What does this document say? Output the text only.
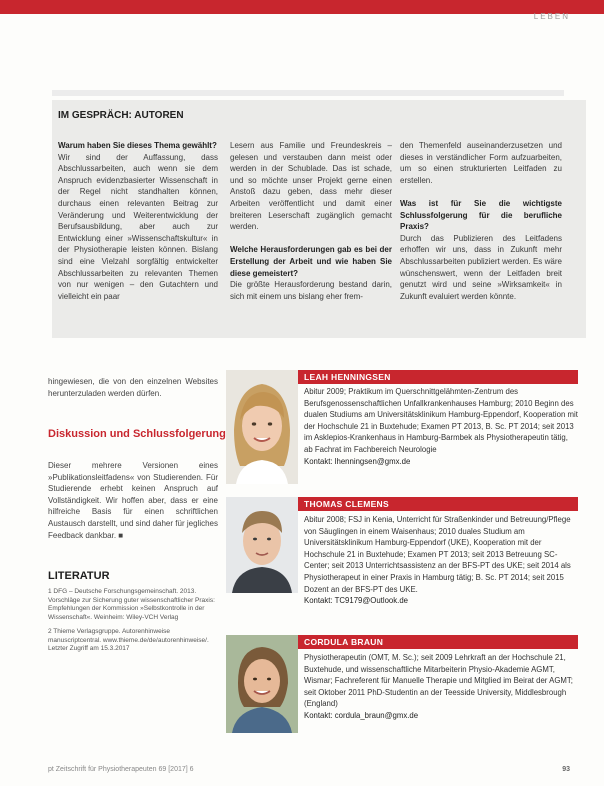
LEBEN
IM GESPRÄCH: AUTOREN

Warum haben Sie dieses Thema gewählt?
Wir sind der Auffassung, dass Abschlussarbeiten, auch wenn sie dem Anspruch evidenzbasierter Wissenschaft in der Regel nicht standhalten können, durchaus einen relevanten Beitrag zur Veränderung und Weiterentwicklung der Berufsausbildung, aber auch zur Entwicklung einer »Wissenschaftskultur« in der Physiotherapie leisten können. Bislang sind eine Vielzahl sorgfältig entwickelter Abschlussarbeiten zu relevanten Themen von nur wenigen – den Gutachtern und vielleicht ein paar

Lesern aus Familie und Freundeskreis – gelesen und verstauben dann meist oder werden in der Schublade. Das ist schade, und so möchte unser Projekt gerne einen Anstoß dazu geben, dass mehr dieser Arbeiten veröffentlicht und damit einer breiteren Leserschaft zugänglich gemacht werden.

Welche Herausforderungen gab es bei der Erstellung der Arbeit und wie haben Sie diese gemeistert?
Die größte Herausforderung bestand darin, sich mit einem uns bislang eher frem-

den Themenfeld auseinanderzusetzen und dieses in verständlicher Form aufzuarbeiten, um so einen strukturierten Leitfaden zu erstellen.

Was ist für Sie die wichtigste Schlussfolgerung für die berufliche Praxis?
Durch das Publizieren des Leitfadens erhoffen wir uns, dass in Zukunft mehr Abschlussarbeiten publiziert werden. Es wäre wünschenswert, wenn der Leitfaden breit genutzt wird und seine »Wirksamkeit« in Zukunft evaluiert werden könnte.

hingewiesen, die von den einzelnen Websites herunterzuladen werden dürfen.

Diskussion und Schlussfolgerung

Dieser mehrere Versionen eines »Publikationsleitfadens« von Studierenden. Für Studierende erhebt keinen Anspruch auf Vollständigkeit. Wir hoffen aber, dass er eine hilfreiche Basis für einen schriftlichen Austausch darstellt, und sind daher für jegliches Feedback dankbar. ■

LITERATUR
1 DFG – Deutsche Forschungsgemeinschaft. 2013. Vorschläge zur Sicherung guter wissenschaftlicher Praxis: Empfehlungen der Kommission »Selbstkontrolle in der Wissenschaft«. Weinheim: Wiley-VCH Verlag
2 Thieme Verlagsgruppe. Autorenhinweise manuscriptcentral. www.thieme.de/de/autorenhinweise/. Letzter Zugriff am 15.3.2017
LEAH HENNINGSEN

Abitur 2009; Praktikum im Querschnittgelähmten-Zentrum des Berufsgenossenschaftlichen Unfallkrankenhauses Hamburg; 2010 Beginn des dualen Studiums am Universitätsklinikum Hamburg-Eppendorf, Kooperation mit der Hochschule 21 in Buxtehude; Examen PT 2013, B. Sc. PT 2014; seit 2013 im Asklepios-Krankenhaus in Hamburg-Barmbek als Physiotherapeutin tätig, ab Fachrat im Fachbereich Neurologie

Kontakt: lhenningsen@gmx.de

THOMAS CLEMENS

Abitur 2008; FSJ in Kenia, Unterricht für Straßenkinder und Betreuung/Pflege von Säuglingen in einem Waisenhaus; 2010 duales Studium am Universitätsklinikum Hamburg-Eppendorf (UKE), Kooperation mit der Hochschule 21 in Buxtehude; Examen PT 2013; seit 2013 Betreuung SC-Center; seit 2013 Unterrichtsassistenz an der BFS-PT des UKE; seit 2014 als Physiotherapeut in einer Praxis in Hamburg tätig; B. Sc. PT 2014; seit 2015 Dozent an der BFS-PT des UKE.

Kontakt: TC9179@Outlook.de

CORDULA BRAUN

Physiotherapeutin (OMT, M. Sc.); seit 2009 Lehrkraft an der Hochschule 21, Buxtehude, und wissenschaftliche Mitarbeiterin Physio-Akademie AGMT, Wismar; Fachreferent für Manuelle Therapie und Mitglied im Beirat der AGMT; seit Oktober 2011 PhD-Studentin an der Teesside University, Middlesbrough (England)

Kontakt: cordula_braun@gmx.de

pt Zeitschrift für Physiotherapeuten 69 [2017] 6	93
